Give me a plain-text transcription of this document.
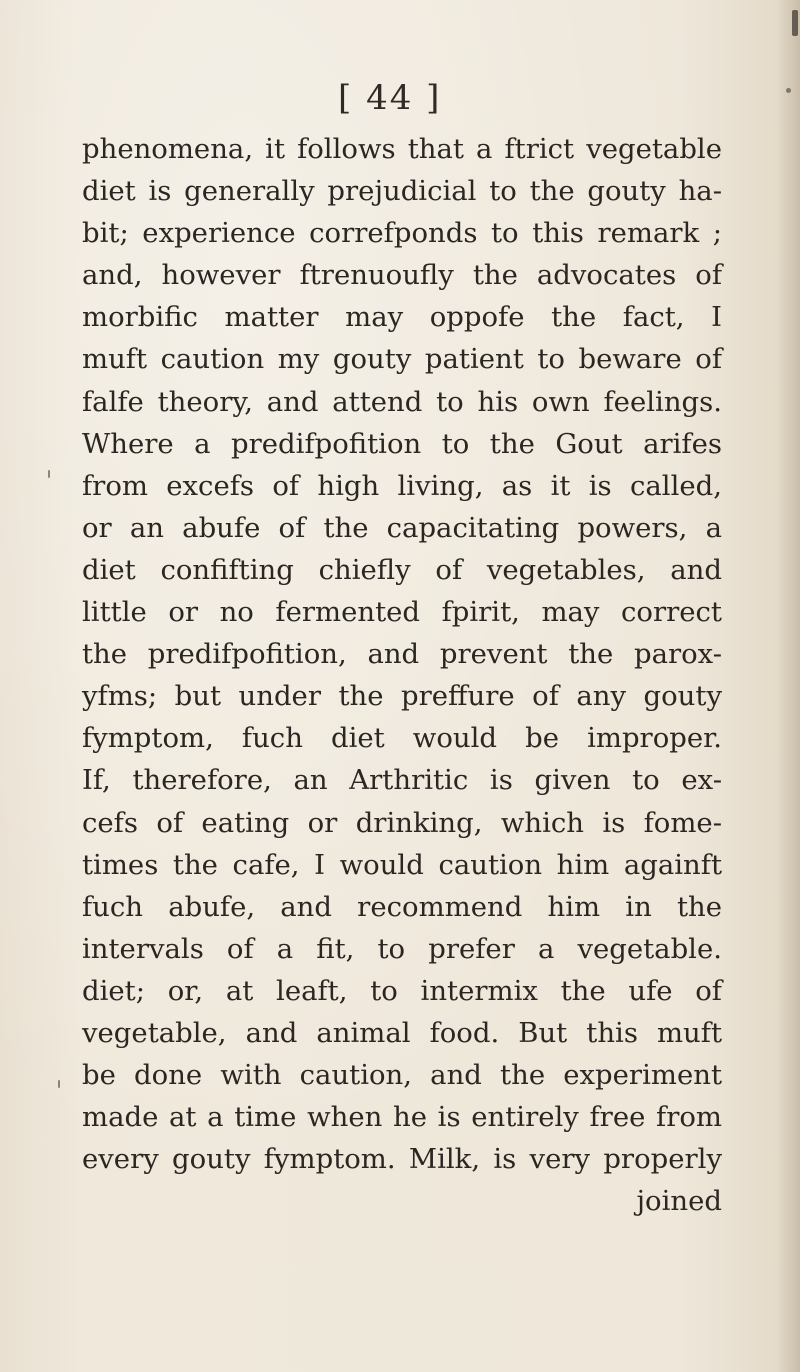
[ 44 ]
phenomena, it follows that a ftrict vegetable
diet is generally prejudicial to the gouty ha-
bit; experience correfponds to this remark ;
and, however ftrenuoufly the advocates of
morbific matter may oppofe the fact, I
muft caution my gouty patient to beware of
falfe theory, and attend to his own feelings.
Where a predifpofition to the Gout arifes
from excefs of high living, as it is called,
or an abufe of the capacitating powers, a
diet confifting chiefly of vegetables, and
little or no fermented fpirit, may correct
the predifpofition, and prevent the parox-
yfms; but under the preffure of any gouty
fymptom, fuch diet would be improper.
If, therefore, an Arthritic is given to ex-
cefs of eating or drinking, which is fome-
times the cafe, I would caution him againft
fuch abufe, and recommend him in the
intervals of a fit, to prefer a vegetable.
diet; or, at leaft, to intermix the ufe of
vegetable, and animal food. But this muft
be done with caution, and the experiment
made at a time when he is entirely free from
every gouty fymptom. Milk, is very properly
joined
